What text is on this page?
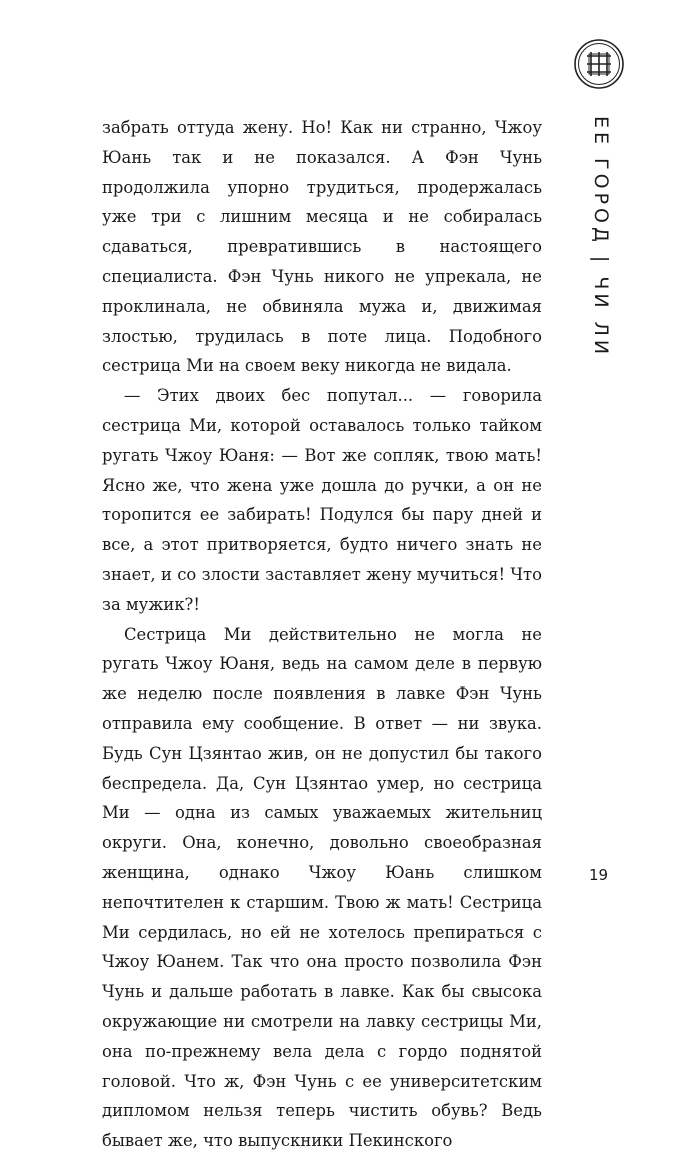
ЕЕ ГОРОД | ЧИ ЛИ

забрать оттуда жену. Но! Как ни странно, Чжоу Юань так и не показался. А Фэн Чунь продолжила упорно трудиться, продержалась уже три с лишним месяца и не собиралась сдаваться, превратившись в настоящего специалиста. Фэн Чунь никого не упрекала, не проклинала, не обвиняла мужа и, движимая злостью, трудилась в поте лица. Подобного сестрица Ми на своем веку никогда не видала.

— Этих двоих бес попутал... — говорила сестрица Ми, которой оставалось только тайком ругать Чжоу Юаня: — Вот же сопляк, твою мать! Ясно же, что жена уже дошла до ручки, а он не торопится ее забирать! Подулся бы пару дней и все, а этот притворяется, будто ничего знать не знает, и со злости заставляет жену мучиться! Что за мужик?!

Сестрица Ми действительно не могла не ругать Чжоу Юаня, ведь на самом деле в первую же неделю после появления в лавке Фэн Чунь отправила ему сообщение. В ответ — ни звука. Будь Сун Цзянтао жив, он не допустил бы такого беспредела. Да, Сун Цзянтао умер, но сестрица Ми — одна из самых уважаемых жительниц округи. Она, конечно, довольно своеобразная женщина, однако Чжоу Юань слишком непочтителен к старшим. Твою ж мать! Сестрица Ми сердилась, но ей не хотелось препираться с Чжоу Юанем. Так что она просто позволила Фэн Чунь и дальше работать в лавке. Как бы свысока окружающие ни смотрели на лавку сестрицы Ми, она по-прежнему вела дела с гордо поднятой головой. Что ж, Фэн Чунь с ее университетским дипломом нельзя теперь чистить обувь? Ведь бывает же, что выпускники Пекинского

19
